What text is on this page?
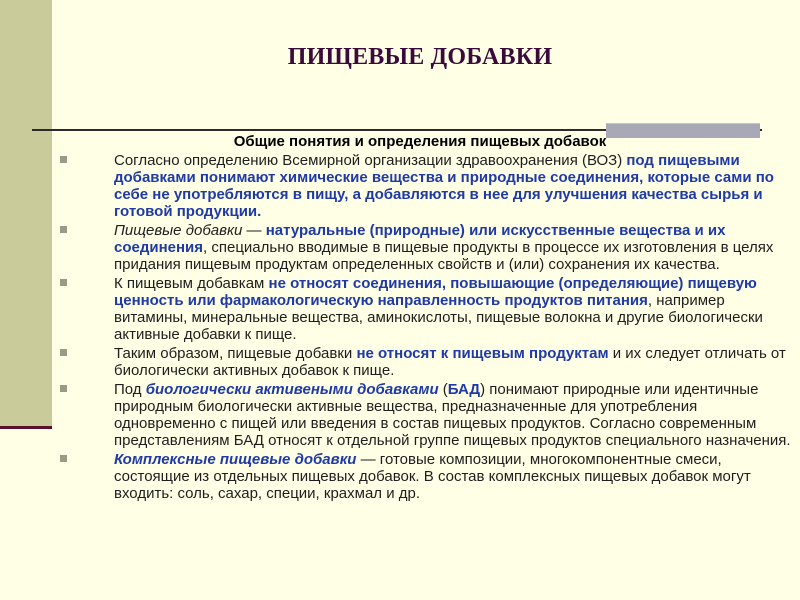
ПИЩЕВЫЕ ДОБАВКИ
Общие понятия и определения пищевых добавок
Согласно определению Всемирной организации здравоохранения (ВОЗ) под пищевыми добавками понимают химические вещества и природные соединения, которые сами по себе не употребляются в пищу, а добавляются в нее для улучшения качества сырья и готовой продукции.
Пищевые добавки — натуральные (природные) или искусственные вещества и их соединения, специально вводимые в пищевые продукты в процессе их изготовления в целях придания пищевым продуктам определенных свойств и (или) сохранения их качества.
К пищевым добавкам не относят соединения, повышающие (определяющие) пищевую ценность или фармакологическую направленность продуктов питания, например витамины, минеральные вещества, аминокислоты, пищевые волокна и другие биологически активные добавки к пище.
Таким образом, пищевые добавки не относят к пищевым продуктам и их следует отличать от биологически активных добавок к пище.
Под биологически активеными добавками (БАД) понимают природные или идентичные природным биологически активные вещества, предназначенные для употребления одновременно с пищей или введения в состав пищевых продуктов. Согласно современным представлениям БАД относят к отдельной группе пищевых продуктов специального назначения.
Комплексные пищевые добавки — готовые композиции, многокомпонентные смеси, состоящие из отдельных пищевых добавок. В состав комплексных пищевых добавок могут входить: соль, сахар, специи, крахмал и др.
